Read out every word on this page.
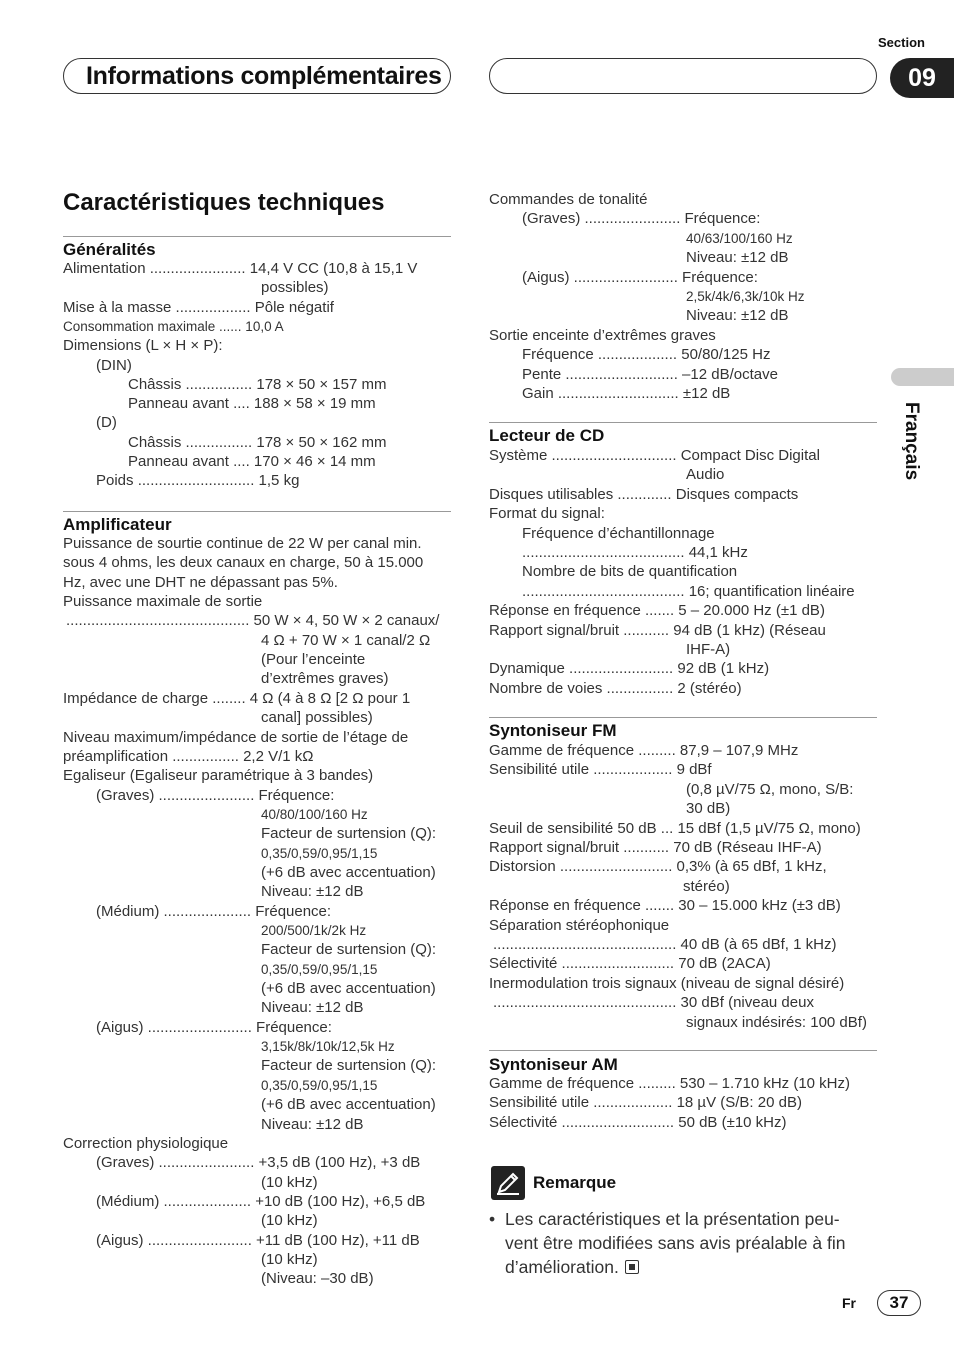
Section
Informations complémentaires	09
Français
Caractéristiques techniques
Généralités
Alimentation ....................... 14,4 V CC (10,8 à 15,1 V
possibles)
Mise à la masse .................. Pôle négatif
Consommation maximale ...... 10,0 A
Dimensions (L × H × P):
(DIN)
Châssis ................ 178 × 50 × 157 mm
Panneau avant .... 188 × 58 × 19 mm
(D)
Châssis ................ 178 × 50 × 162 mm
Panneau avant .... 170 × 46 × 14 mm
Poids ............................ 1,5 kg
Amplificateur
Puissance de sourtie continue de 22 W per canal min.
sous 4 ohms, les deux canaux en charge, 50 à 15.000
Hz, avec une DHT ne dépassant pas 5%.
Puissance maximale de sortie
............................................ 50 W × 4, 50 W × 2 canaux/
4 Ω + 70 W × 1 canal/2 Ω
(Pour l’enceinte
d’extrêmes graves)
Impédance de charge ........ 4 Ω (4 à 8 Ω [2 Ω pour 1
canal] possibles)
Niveau maximum/impédance de sortie de l’étage de
préamplification ................ 2,2 V/1 kΩ
Egaliseur (Egaliseur paramétrique à 3 bandes)
(Graves) ....................... Fréquence:
40/80/100/160 Hz
Facteur de surtension (Q):
0,35/0,59/0,95/1,15
(+6 dB avec accentuation)
Niveau: ±12 dB
(Médium) ..................... Fréquence:
200/500/1k/2k Hz
Facteur de surtension (Q):
0,35/0,59/0,95/1,15
(+6 dB avec accentuation)
Niveau: ±12 dB
(Aigus) ......................... Fréquence:
3,15k/8k/10k/12,5k Hz
Facteur de surtension (Q):
0,35/0,59/0,95/1,15
(+6 dB avec accentuation)
Niveau: ±12 dB
Correction physiologique
(Graves) ....................... +3,5 dB (100 Hz), +3 dB
(10 kHz)
(Médium) ..................... +10 dB (100 Hz), +6,5 dB
(10 kHz)
(Aigus) ......................... +11 dB (100 Hz), +11 dB
(10 kHz)
(Niveau: –30 dB)
Commandes de tonalité
(Graves) ....................... Fréquence:
40/63/100/160 Hz
Niveau: ±12 dB
(Aigus) ......................... Fréquence:
2,5k/4k/6,3k/10k Hz
Niveau: ±12 dB
Sortie enceinte d’extrêmes graves
Fréquence ................... 50/80/125 Hz
Pente ........................... –12 dB/octave
Gain ............................. ±12 dB
Lecteur de CD
Système .............................. Compact Disc Digital
Audio
Disques utilisables ............. Disques compacts
Format du signal:
Fréquence d’échantillonnage
....................................... 44,1 kHz
Nombre de bits de quantification
....................................... 16; quantification linéaire
Réponse en fréquence ....... 5 – 20.000 Hz (±1 dB)
Rapport signal/bruit ........... 94 dB (1 kHz) (Réseau
IHF-A)
Dynamique ......................... 92 dB (1 kHz)
Nombre de voies ................ 2 (stéréo)
Syntoniseur FM
Gamme de fréquence ......... 87,9 – 107,9 MHz
Sensibilité utile ................... 9 dBf
(0,8 µV/75 Ω, mono, S/B:
30 dB)
Seuil de sensibilité 50 dB ... 15 dBf (1,5 µV/75 Ω, mono)
Rapport signal/bruit ........... 70 dB (Réseau IHF-A)
Distorsion ........................... 0,3% (à 65 dBf, 1 kHz,
stéréo)
Réponse en fréquence ....... 30 – 15.000 kHz (±3 dB)
Séparation stéréophonique
............................................ 40 dB (à 65 dBf, 1 kHz)
Sélectivité ........................... 70 dB (2ACA)
Inermodulation trois signaux (niveau de signal désiré)
............................................ 30 dBf (niveau deux
signaux indésirés: 100 dBf)
Syntoniseur AM
Gamme de fréquence ......... 530 – 1.710 kHz (10 kHz)
Sensibilité utile ................... 18 µV (S/B: 20 dB)
Sélectivité ........................... 50 dB (±10 kHz)
Remarque
• Les caractéristiques et la présentation peu-vent être modifiées sans avis préalable à fin d’amélioration.
Fr	37
